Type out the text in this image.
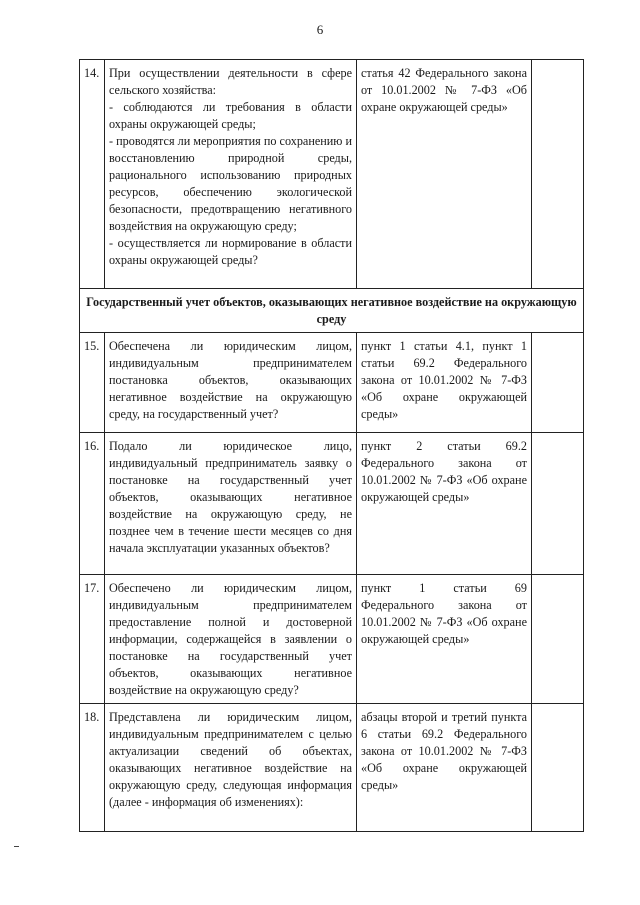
6
14.	При осуществлении деятельности в сфере сельского хозяйства:
- соблюдаются ли требования в области охраны окружающей среды;
- проводятся ли мероприятия по сохранению и восстановлению природной среды, рационального использованию природных ресурсов, обеспечению экологической безопасности, предотвращению негативного воздействия на окружающую среду;
- осуществляется ли нормирование в области охраны окружающей среды?	статья 42 Федерального закона от 10.01.2002 № 7-ФЗ «Об охране окружающей среды»	
Государственный учет объектов, оказывающих негативное воздействие на окружающую среду			
15.	Обеспечена ли юридическим лицом, индивидуальным предпринимателем постановка объектов, оказывающих негативное воздействие на окружающую среду, на государственный учет?	пункт 1 статьи 4.1, пункт 1 статьи 69.2 Федерального закона от 10.01.2002 № 7-ФЗ «Об охране окружающей среды»	
16.	Подало ли юридическое лицо, индивидуальный предприниматель заявку о постановке на государственный учет объектов, оказывающих негативное воздействие на окружающую среду, не позднее чем в течение шести месяцев со дня начала эксплуатации указанных объектов?	пункт 2 статьи 69.2 Федерального закона от 10.01.2002 № 7-ФЗ «Об охране окружающей среды»	
17.	Обеспечено ли юридическим лицом, индивидуальным предпринимателем предоставление полной и достоверной информации, содержащейся в заявлении о постановке на государственный учет объектов, оказывающих негативное воздействие на окружающую среду?	пункт 1 статьи 69 Федерального закона от 10.01.2002 № 7-ФЗ «Об охране окружающей среды»	
18.	Представлена ли юридическим лицом, индивидуальным предпринимателем с целью актуализации сведений об объектах, оказывающих негативное воздействие на окружающую среду, следующая информация (далее - информация об изменениях):	абзацы второй и третий пункта 6 статьи 69.2 Федерального закона от 10.01.2002 № 7-ФЗ «Об охране окружающей среды»	
